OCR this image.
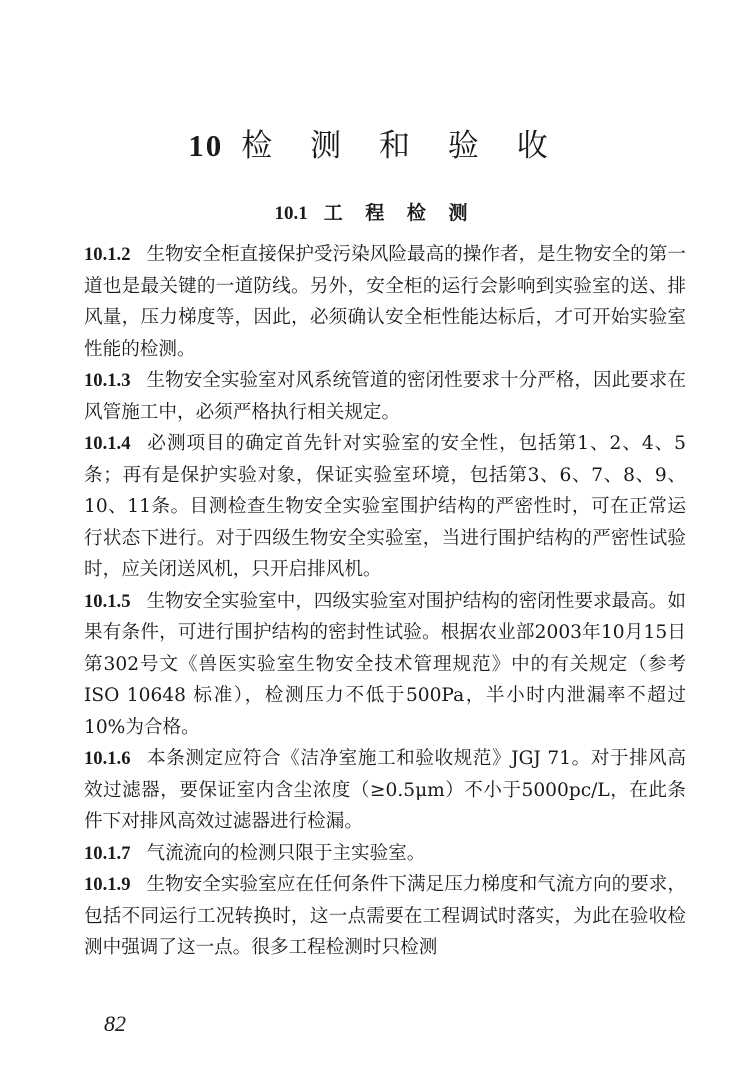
10 检 测 和 验 收
10.1 工 程 检 测

10.1.2 生物安全柜直接保护受污染风险最高的操作者，是生物安全的第一道也是最关键的一道防线。另外，安全柜的运行会影响到实验室的送、排风量，压力梯度等，因此，必须确认安全柜性能达标后，才可开始实验室性能的检测。

10.1.3 生物安全实验室对风系统管道的密闭性要求十分严格，因此要求在风管施工中，必须严格执行相关规定。

10.1.4 必测项目的确定首先针对实验室的安全性，包括第1、2、4、5条；再有是保护实验对象，保证实验室环境，包括第3、6、7、8、9、10、11条。目测检查生物安全实验室围护结构的严密性时，可在正常运行状态下进行。对于四级生物安全实验室，当进行围护结构的严密性试验时，应关闭送风机，只开启排风机。

10.1.5 生物安全实验室中，四级实验室对围护结构的密闭性要求最高。如果有条件，可进行围护结构的密封性试验。根据农业部2003年10月15日第302号文《兽医实验室生物安全技术管理规范》中的有关规定（参考 ISO 10648 标准），检测压力不低于500Pa，半小时内泄漏率不超过10%为合格。

10.1.6 本条测定应符合《洁净室施工和验收规范》JGJ 71。对于排风高效过滤器，要保证室内含尘浓度（≥0.5μm）不小于5000pc/L，在此条件下对排风高效过滤器进行检漏。

10.1.7 气流流向的检测只限于主实验室。

10.1.9 生物安全实验室应在任何条件下满足压力梯度和气流方向的要求，包括不同运行工况转换时，这一点需要在工程调试时落实，为此在验收检测中强调了这一点。很多工程检测时只检测

82
